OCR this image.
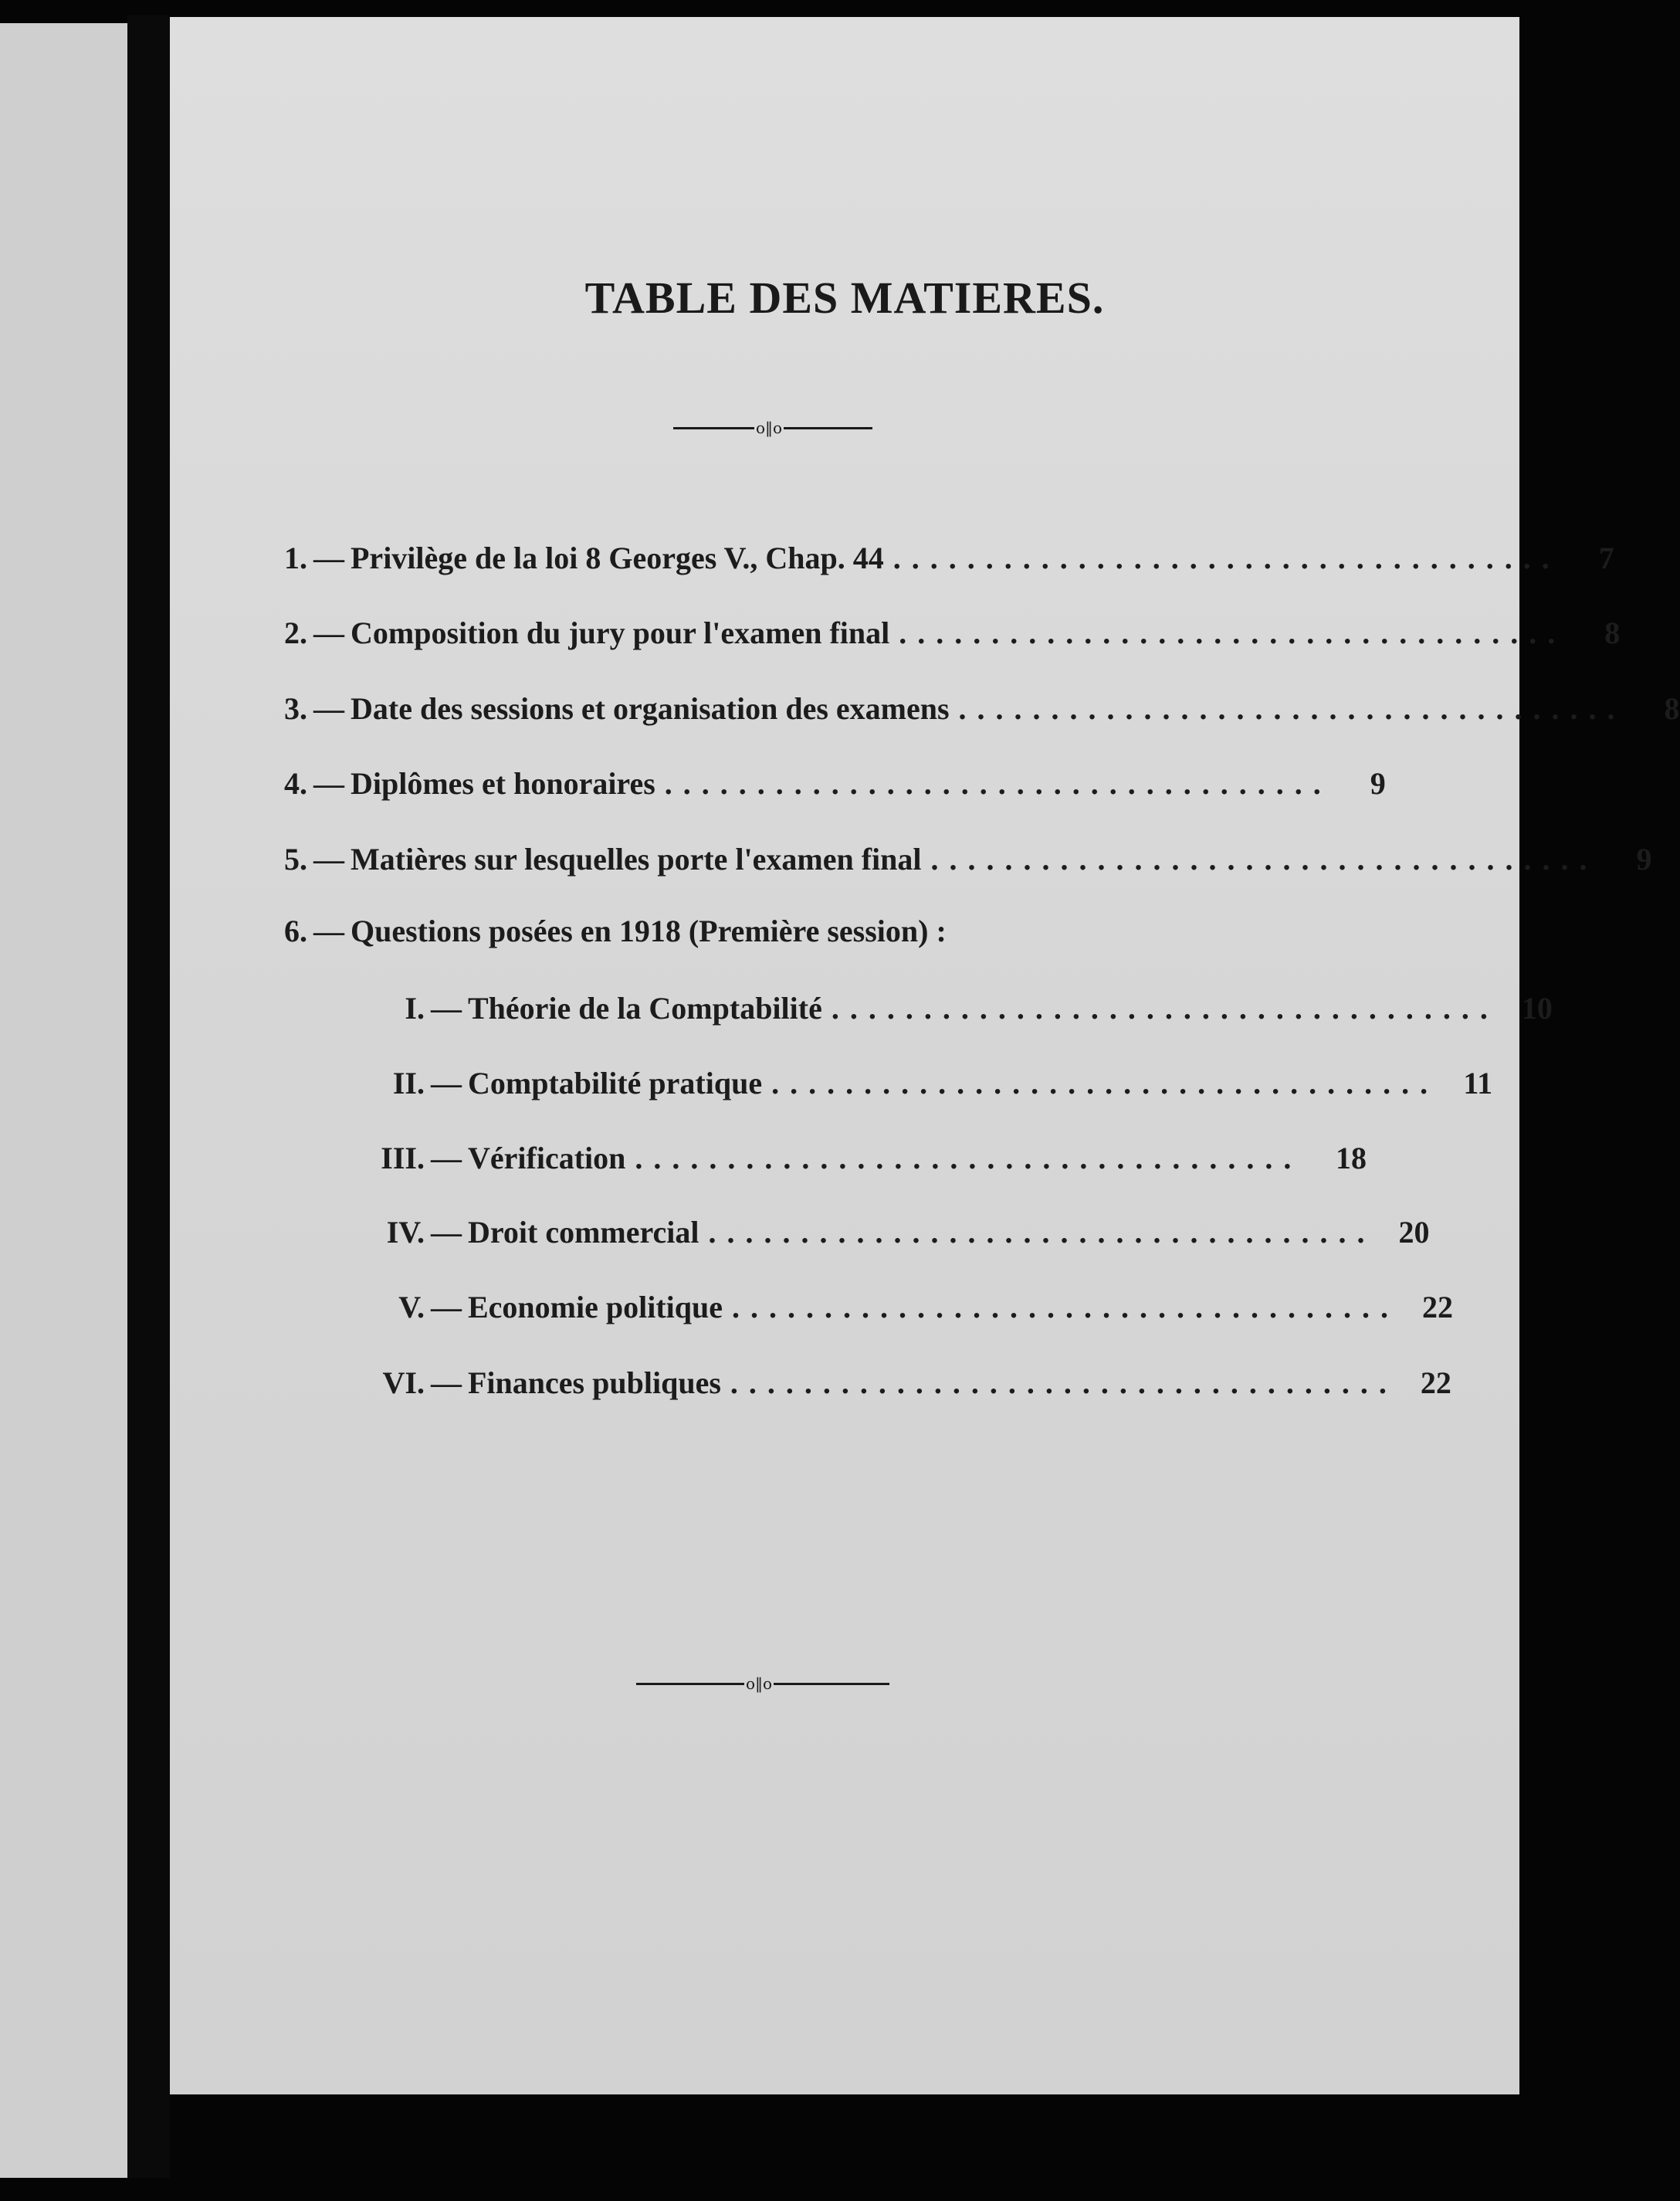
TABLE DES MATIERES.
o‖o
1. — Privilège de la loi 8 Georges V., Chap. 44 ....................................	7
2. — Composition du jury pour l'examen final ....................................	8
3. — Date des sessions et organisation des examens ....................................	8
4. — Diplômes et honoraires ....................................	9
5. — Matières sur lesquelles porte l'examen final ....................................	9
6. — Questions posées en 1918 (Première session) :
I. — Théorie de la Comptabilité .................................... 10
II. — Comptabilité pratique .................................... 11
III. — Vérification ....................................	18
IV. — Droit commercial .................................... 20
V. — Economie politique .................................... 22
VI. — Finances publiques .................................... 22
o‖o
